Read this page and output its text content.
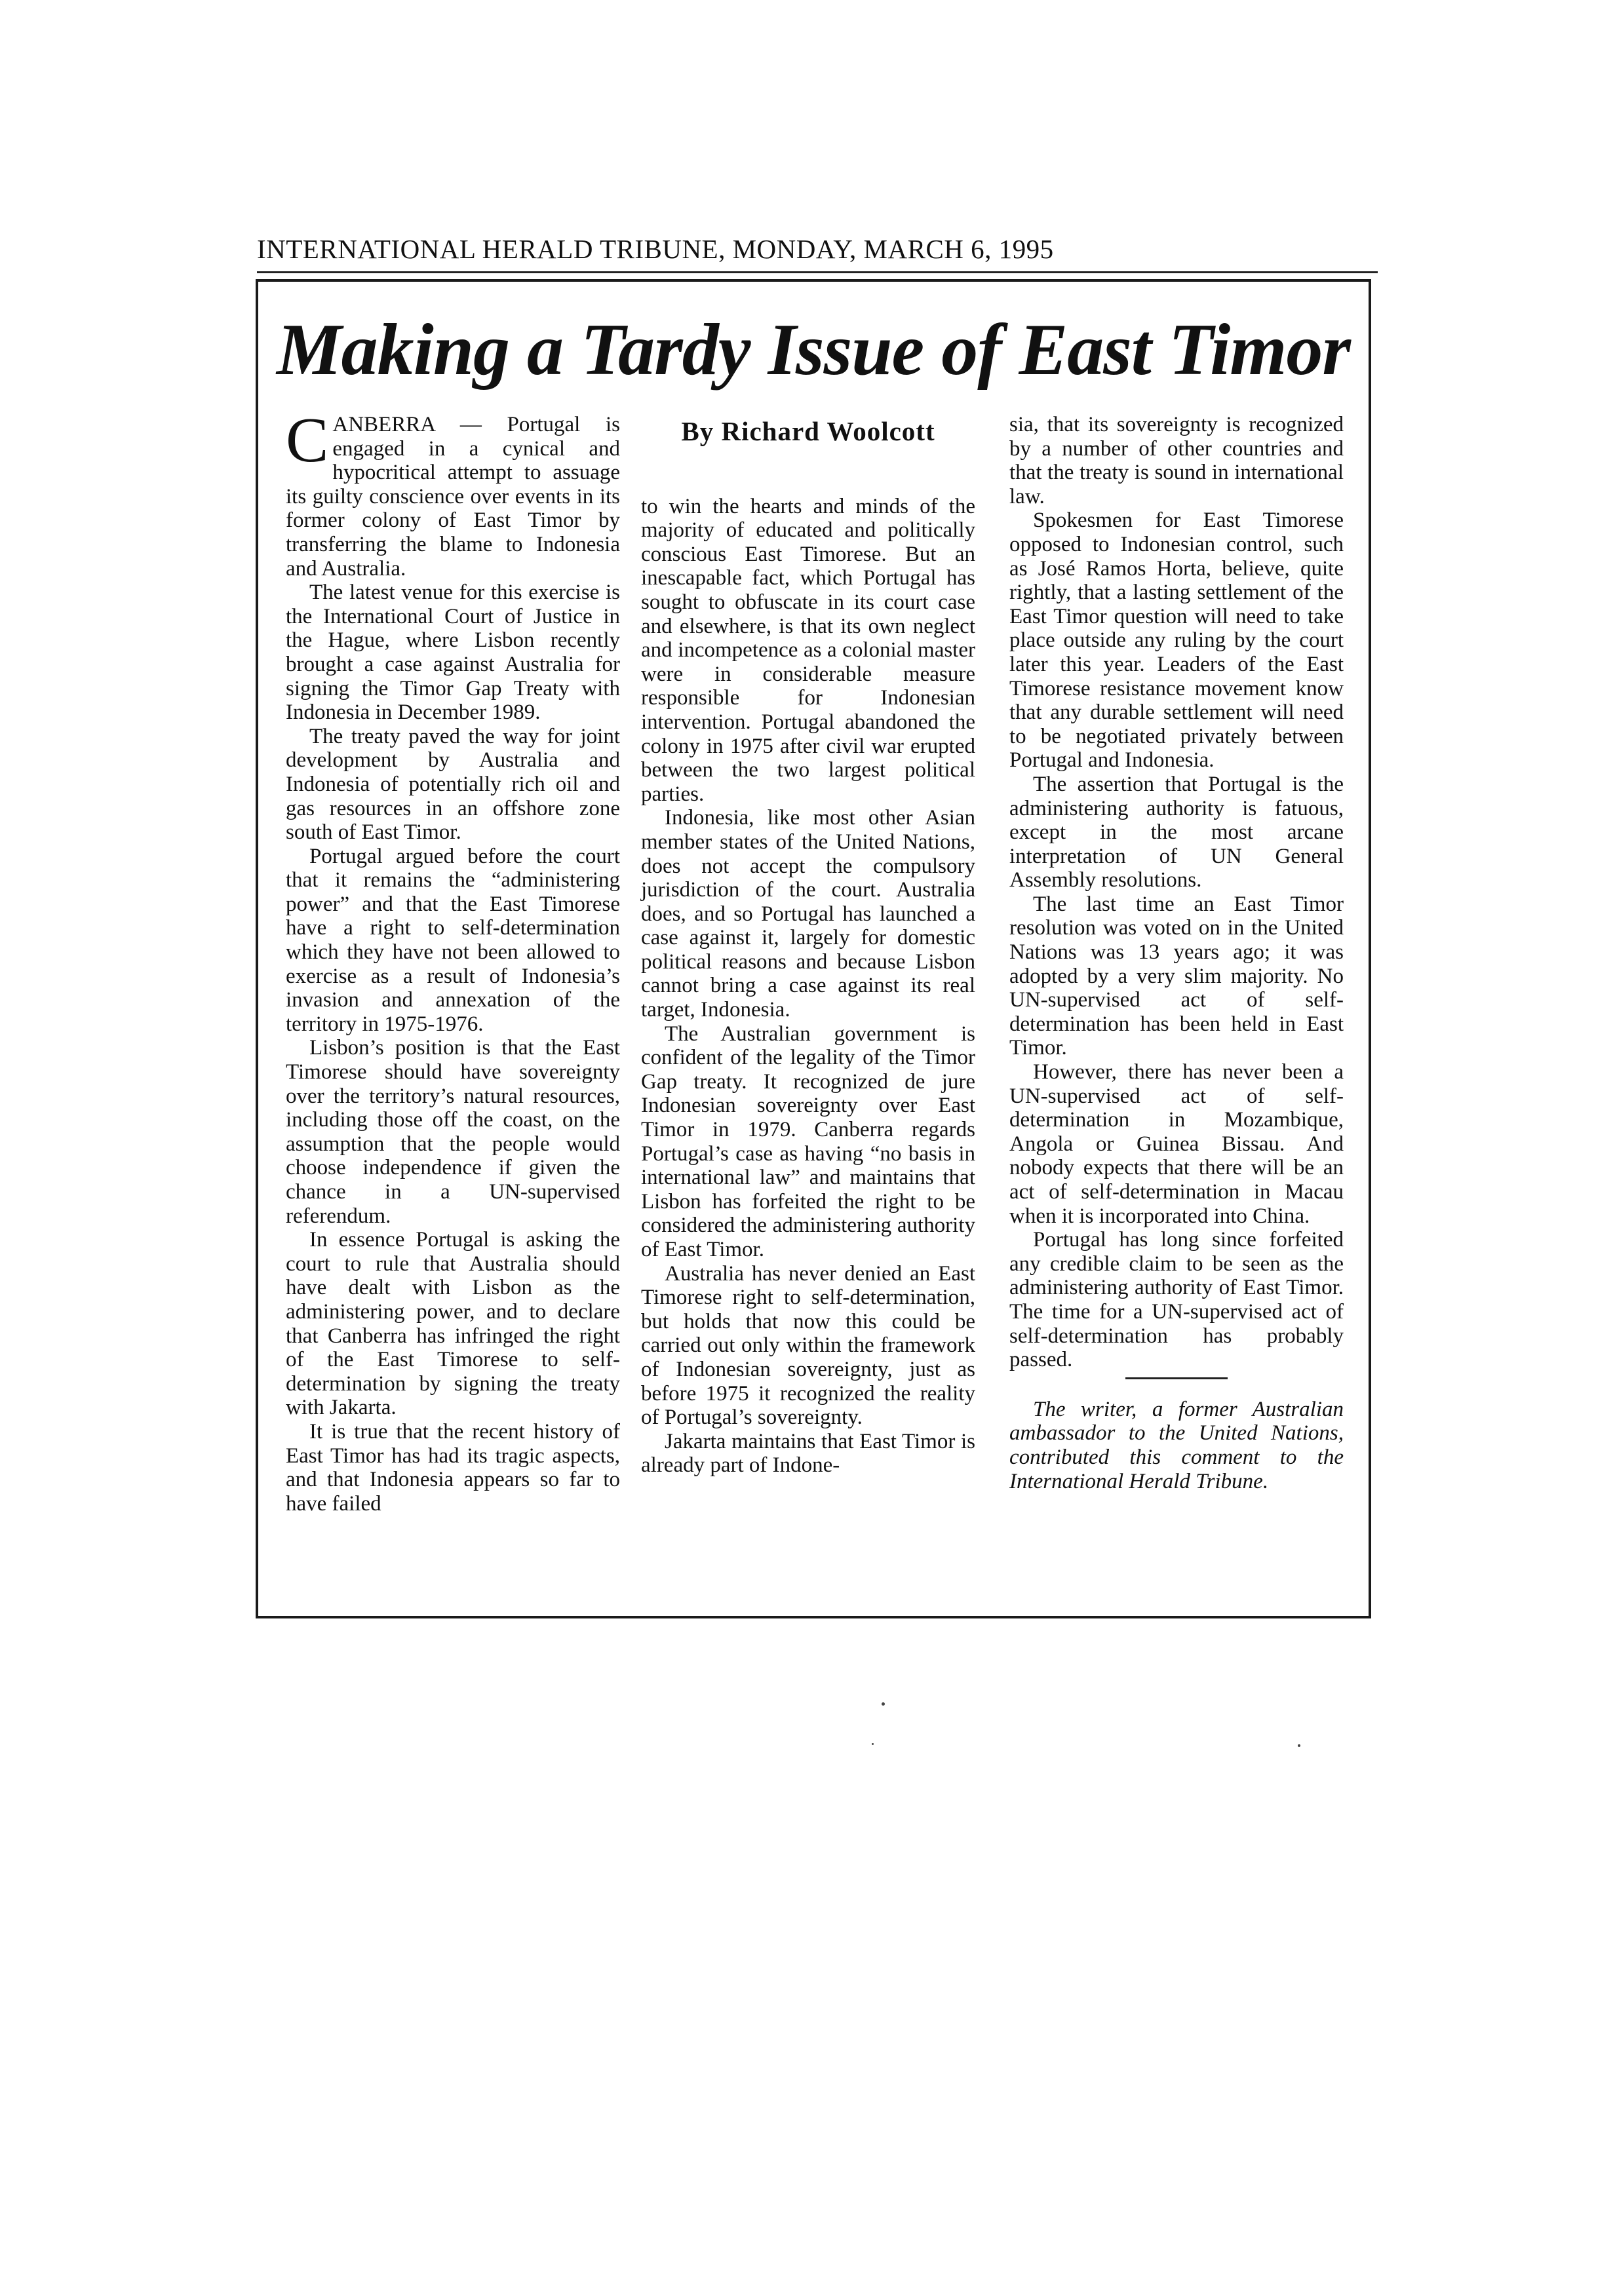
INTERNATIONAL HERALD TRIBUNE, MONDAY, MARCH 6, 1995
Making a Tardy Issue of East Timor

CANBERRA — Portugal is engaged in a cynical and hypocritical attempt to assuage its guilty conscience over events in its former colony of East Timor by transferring the blame to Indonesia and Australia.

The latest venue for this exercise is the International Court of Justice in the Hague, where Lisbon recently brought a case against Australia for signing the Timor Gap Treaty with Indonesia in December 1989.

The treaty paved the way for joint development by Australia and Indonesia of potentially rich oil and gas resources in an offshore zone south of East Timor.

Portugal argued before the court that it remains the “administering power” and that the East Timorese have a right to self-determination which they have not been allowed to exercise as a result of Indonesia’s invasion and annexation of the territory in 1975-1976.

Lisbon’s position is that the East Timorese should have sovereignty over the territory’s natural resources, including those off the coast, on the assumption that the people would choose independence if given the chance in a UN-supervised referendum.

In essence Portugal is asking the court to rule that Australia should have dealt with Lisbon as the administering power, and to declare that Canberra has infringed the right of the East Timorese to self-determination by signing the treaty with Jakarta.

It is true that the recent history of East Timor has had its tragic aspects, and that Indonesia appears so far to have failed

By Richard Woolcott

to win the hearts and minds of the majority of educated and politically conscious East Timorese. But an inescapable fact, which Portugal has sought to obfuscate in its court case and elsewhere, is that its own neglect and incompetence as a colonial master were in considerable measure responsible for Indonesian intervention. Portugal abandoned the colony in 1975 after civil war erupted between the two largest political parties.

Indonesia, like most other Asian member states of the United Nations, does not accept the compulsory jurisdiction of the court. Australia does, and so Portugal has launched a case against it, largely for domestic political reasons and because Lisbon cannot bring a case against its real target, Indonesia.

The Australian government is confident of the legality of the Timor Gap treaty. It recognized de jure Indonesian sovereignty over East Timor in 1979. Canberra regards Portugal’s case as having “no basis in international law” and maintains that Lisbon has forfeited the right to be considered the administering authority of East Timor.

Australia has never denied an East Timorese right to self-determination, but holds that now this could be carried out only within the framework of Indonesian sovereignty, just as before 1975 it recognized the reality of Portugal’s sovereignty.

Jakarta maintains that East Timor is already part of Indone-

sia, that its sovereignty is recognized by a number of other countries and that the treaty is sound in international law.

Spokesmen for East Timorese opposed to Indonesian control, such as José Ramos Horta, believe, quite rightly, that a lasting settlement of the East Timor question will need to take place outside any ruling by the court later this year. Leaders of the East Timorese resistance movement know that any durable settlement will need to be negotiated privately between Portugal and Indonesia.

The assertion that Portugal is the administering authority is fatuous, except in the most arcane interpretation of UN General Assembly resolutions.

The last time an East Timor resolution was voted on in the United Nations was 13 years ago; it was adopted by a very slim majority. No UN-supervised act of self-determination has been held in East Timor.

However, there has never been a UN-supervised act of self-determination in Mozambique, Angola or Guinea Bissau. And nobody expects that there will be an act of self-determination in Macau when it is incorporated into China.

Portugal has long since forfeited any credible claim to be seen as the administering authority of East Timor. The time for a UN-supervised act of self-determination has probably passed.

The writer, a former Australian ambassador to the United Nations, contributed this comment to the International Herald Tribune.
